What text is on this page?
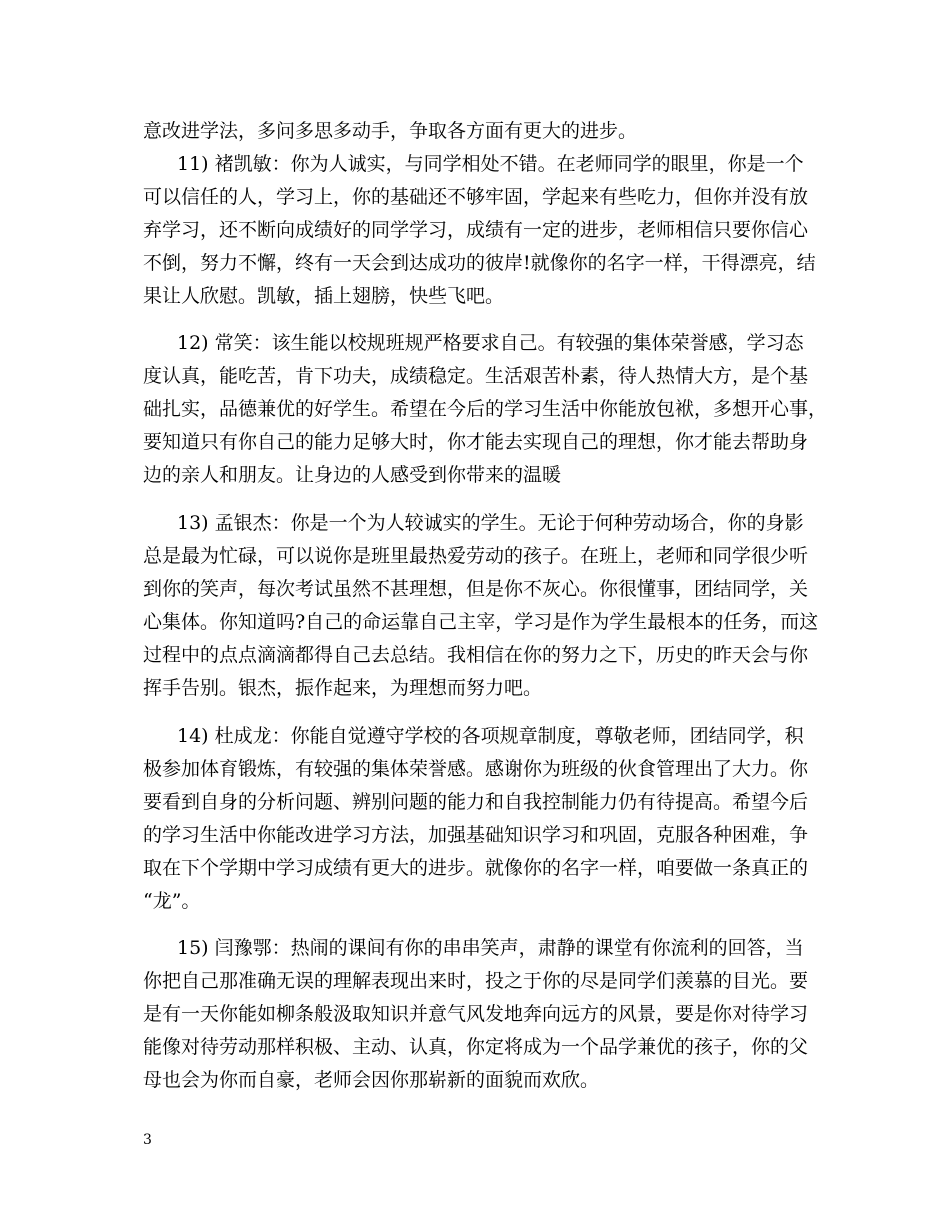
意改进学法，多问多思多动手，争取各方面有更大的进步。

11) 褚凯敏：你为人诚实，与同学相处不错。在老师同学的眼里，你是一个

可以信任的人，学习上，你的基础还不够牢固，学起来有些吃力，但你并没有放

弃学习，还不断向成绩好的同学学习，成绩有一定的进步，老师相信只要你信心

不倒，努力不懈，终有一天会到达成功的彼岸!就像你的名字一样，干得漂亮，结

果让人欣慰。凯敏，插上翅膀，快些飞吧。

12) 常笑：该生能以校规班规严格要求自己。有较强的集体荣誉感，学习态

度认真，能吃苦，肯下功夫，成绩稳定。生活艰苦朴素，待人热情大方，是个基

础扎实，品德兼优的好学生。希望在今后的学习生活中你能放包袱，多想开心事，

要知道只有你自己的能力足够大时，你才能去实现自己的理想，你才能去帮助身

边的亲人和朋友。让身边的人感受到你带来的温暖

13) 孟银杰：你是一个为人较诚实的学生。无论于何种劳动场合，你的身影

总是最为忙碌，可以说你是班里最热爱劳动的孩子。在班上，老师和同学很少听

到你的笑声，每次考试虽然不甚理想，但是你不灰心。你很懂事，团结同学，关

心集体。你知道吗?自己的命运靠自己主宰，学习是作为学生最根本的任务，而这

过程中的点点滴滴都得自己去总结。我相信在你的努力之下，历史的昨天会与你

挥手告别。银杰，振作起来，为理想而努力吧。

14) 杜成龙：你能自觉遵守学校的各项规章制度，尊敬老师，团结同学，积

极参加体育锻炼，有较强的集体荣誉感。感谢你为班级的伙食管理出了大力。你

要看到自身的分析问题、辨别问题的能力和自我控制能力仍有待提高。希望今后

的学习生活中你能改进学习方法，加强基础知识学习和巩固，克服各种困难，争

取在下个学期中学习成绩有更大的进步。就像你的名字一样，咱要做一条真正的

“龙”。

15) 闫豫鄂：热闹的课间有你的串串笑声，肃静的课堂有你流利的回答，当

你把自己那准确无误的理解表现出来时，投之于你的尽是同学们羡慕的目光。要

是有一天你能如柳条般汲取知识并意气风发地奔向远方的风景，要是你对待学习

能像对待劳动那样积极、主动、认真，你定将成为一个品学兼优的孩子，你的父

母也会为你而自豪，老师会因你那崭新的面貌而欢欣。

3
